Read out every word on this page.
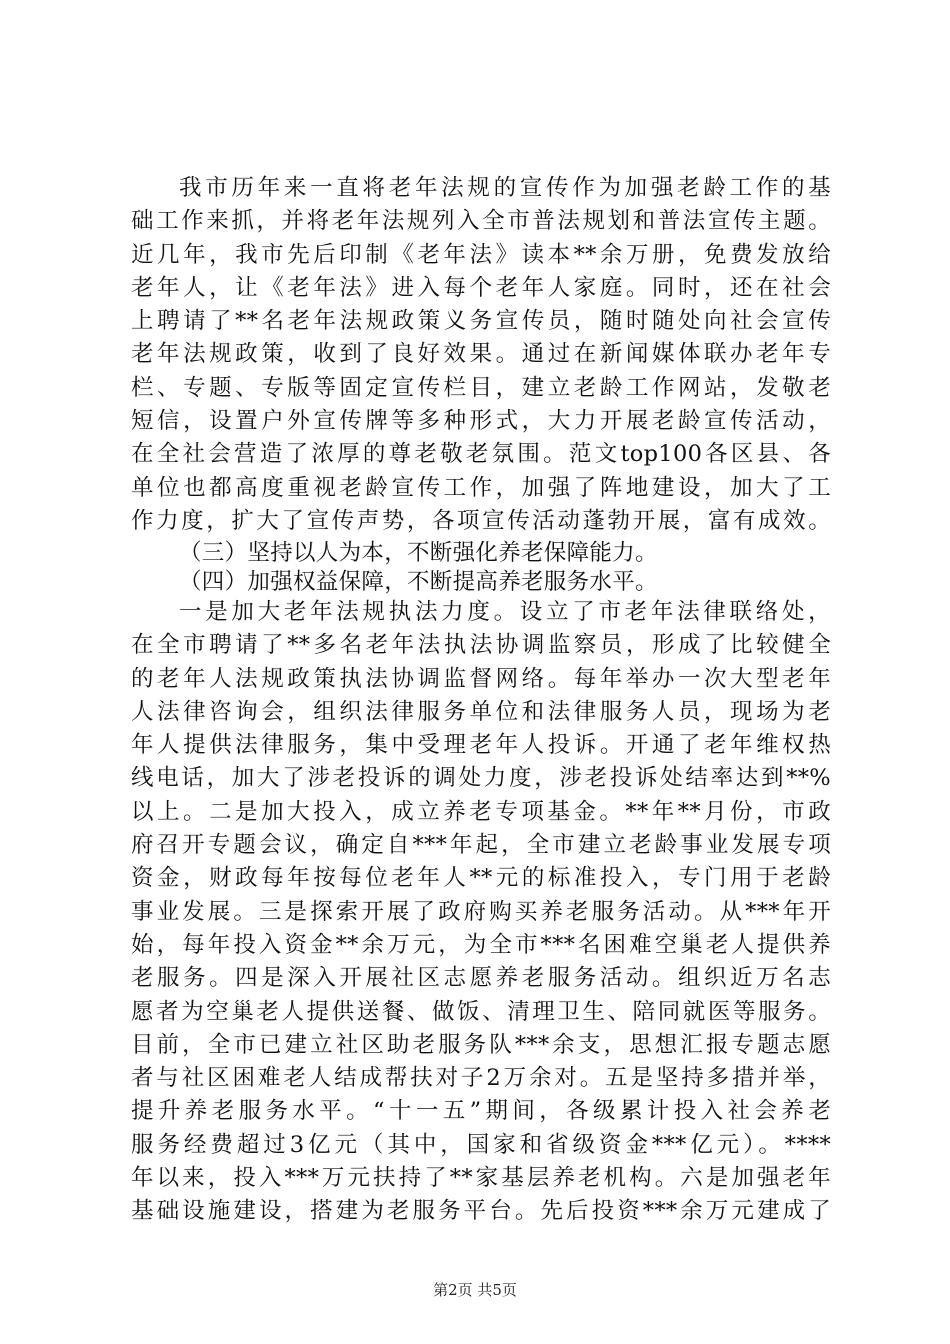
我市历年来一直将老年法规的宣传作为加强老龄工作的基
础工作来抓，并将老年法规列入全市普法规划和普法宣传主题。
近几年，我市先后印制《老年法》读本**余万册，免费发放给
老年人，让《老年法》进入每个老年人家庭。同时，还在社会
上聘请了**名老年法规政策义务宣传员，随时随处向社会宣传
老年法规政策，收到了良好效果。通过在新闻媒体联办老年专
栏、专题、专版等固定宣传栏目，建立老龄工作网站，发敬老
短信，设置户外宣传牌等多种形式，大力开展老龄宣传活动，
在全社会营造了浓厚的尊老敬老氛围。范文top100各区县、各
单位也都高度重视老龄宣传工作，加强了阵地建设，加大了工
作力度，扩大了宣传声势，各项宣传活动蓬勃开展，富有成效。
（三）坚持以人为本，不断强化养老保障能力。
（四）加强权益保障，不断提高养老服务水平。
一是加大老年法规执法力度。设立了市老年法律联络处，
在全市聘请了**多名老年法执法协调监察员，形成了比较健全
的老年人法规政策执法协调监督网络。每年举办一次大型老年
人法律咨询会，组织法律服务单位和法律服务人员，现场为老
年人提供法律服务，集中受理老年人投诉。开通了老年维权热
线电话，加大了涉老投诉的调处力度，涉老投诉处结率达到**%
以上。二是加大投入，成立养老专项基金。**年**月份，市政
府召开专题会议，确定自***年起，全市建立老龄事业发展专项
资金，财政每年按每位老年人**元的标准投入，专门用于老龄
事业发展。三是探索开展了政府购买养老服务活动。从***年开
始，每年投入资金**余万元，为全市***名困难空巢老人提供养
老服务。四是深入开展社区志愿养老服务活动。组织近万名志
愿者为空巢老人提供送餐、做饭、清理卫生、陪同就医等服务。
目前，全市已建立社区助老服务队***余支，思想汇报专题志愿
者与社区困难老人结成帮扶对子2万余对。五是坚持多措并举，
提升养老服务水平。“十一五”期间，各级累计投入社会养老
服务经费超过3亿元（其中，国家和省级资金***亿元）。****
年以来，投入***万元扶持了**家基层养老机构。六是加强老年
基础设施建设，搭建为老服务平台。先后投资***余万元建成了
第2页 共5页
